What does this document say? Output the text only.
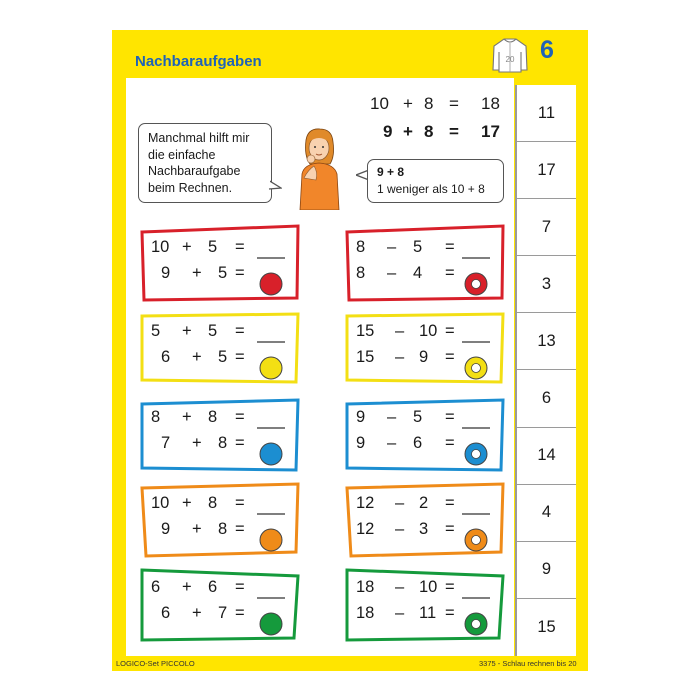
Nachbaraufgaben	20 6
10 + 8 = 18
9 + 8 = 17
Manchmal hilft mir
die einfache
Nachbaraufgabe
beim Rechnen.
9 + 8
1 weniger als 10 + 8
10 + 5 =
9 + 5 =
5 + 5 =
6 + 5 =
8 + 8 =
7 + 8 =
10 + 8 =
9 + 8 =
6 + 6 =
6 + 7 =
8 – 5 =
8 – 4 =
15 – 10 =
15 – 9 =
9 – 5 =
9 – 6 =
12 – 2 =
12 – 3 =
18 – 10 =
18 – 11 =
11
17
7
3
13
6
14
4
9
15
LOGICO-Set PICCOLO	3375 - Schlau rechnen bis 20
